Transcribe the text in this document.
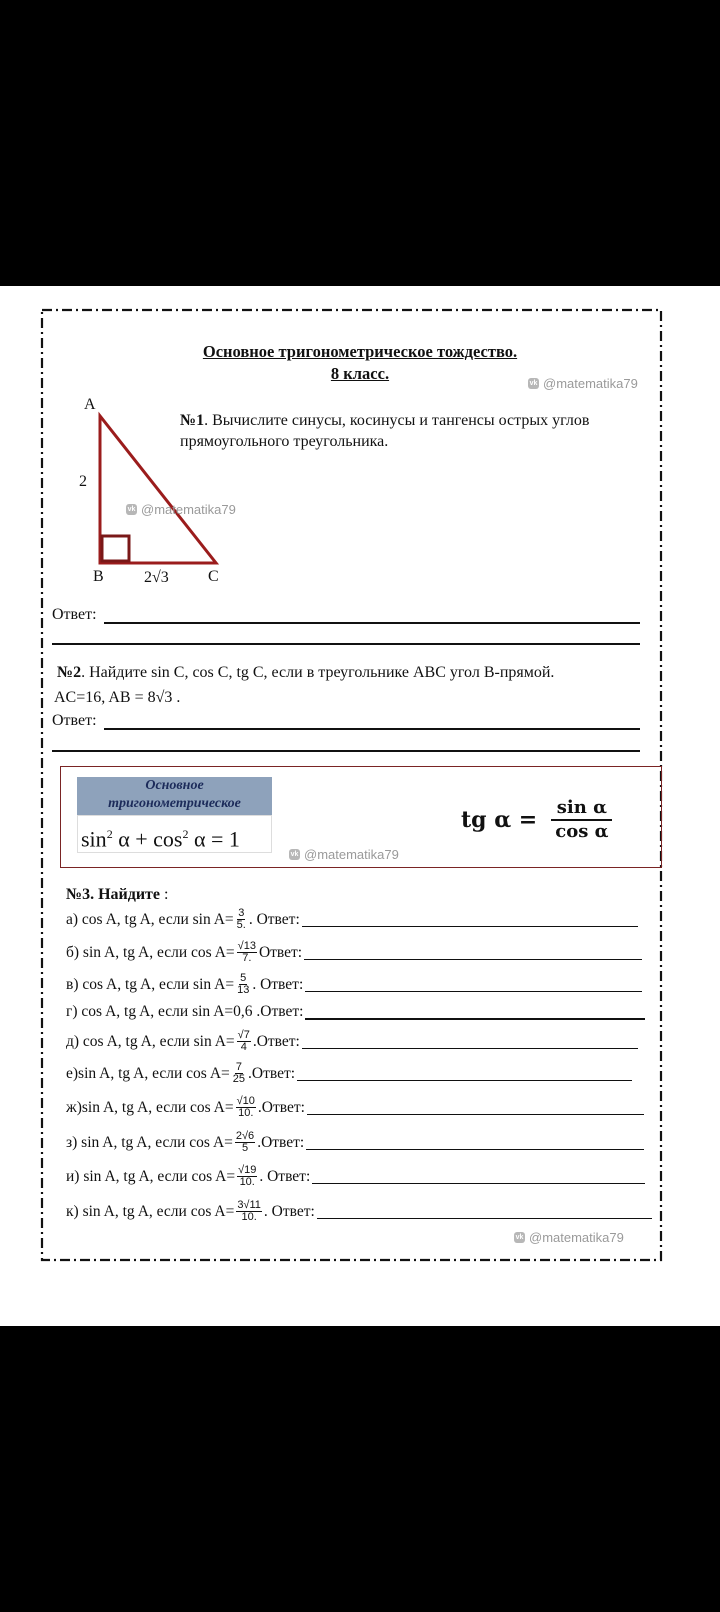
Основное тригонометрическое тождество.
8 класс.
vk @matematika79
№1. Вычислите синусы, косинусы и тангенсы острых углов
прямоугольного треугольника.
A
2
B	2√3 C
vk @matematika79
Ответ:
№2. Найдите sin C, cos C, tg C, если в треугольнике ABC угол B-прямой.
AC=16, AB = 8√3 .
Ответ:
Основное
тригонометрическое
$\sin^2 \alpha + \cos^2 \alpha = 1$
tg $\alpha = \frac{\text{sin α}}{\text{cos α}}$
vk @matematika79
№3. Найдите :
а) cos A, tg A, если $\sin A= \frac{3}{5.}$ . Ответ:
б) sin A, tg A, если $\cos A= \frac{√13}{7.}$ Ответ:
в) cos A, tg A, если $\sin A= \frac{5}{13}$ . Ответ:
г) cos A, tg A, если sin A=0,6 .Ответ:
д) cos A, tg A, если $\sin A= \frac{√7}{4}$ .Ответ:
е)sin A, tg A, если $\cos A= \frac{7}{25}$ .Ответ:
ж)sin A, tg A, если $\cos A= \frac{√10}{10.}$ .Ответ:
з) sin A, tg A, если $\cos A= \frac{2√6}{5}$ .Ответ:
и) sin A, tg A, если $\cos A= \frac{√19}{10.}$ . Ответ:
к) sin A, tg A, если $\cos A= \frac{3√11}{10.}$ . Ответ:
vk @matematika79
